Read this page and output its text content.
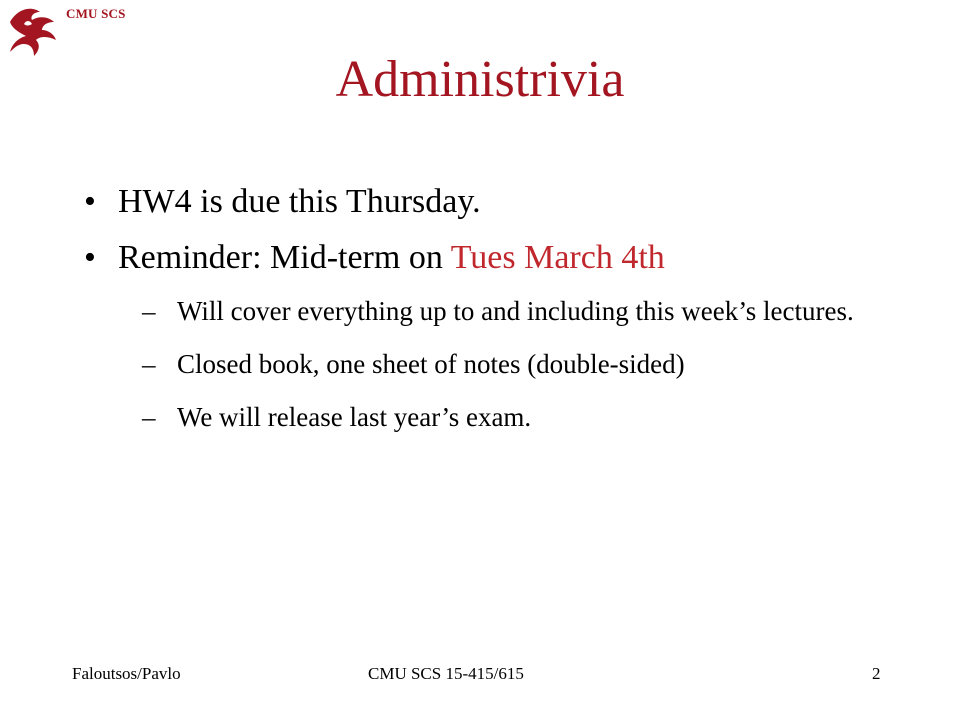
CMU SCS
Administrivia
• HW4 is due this Thursday.
• Reminder: Mid-term on Tues March 4th
– Will cover everything up to and including this week’s lectures.
– Closed book, one sheet of notes (double-sided)
– We will release last year’s exam.
Faloutsos/Pavlo	CMU SCS 15-415/615	2
